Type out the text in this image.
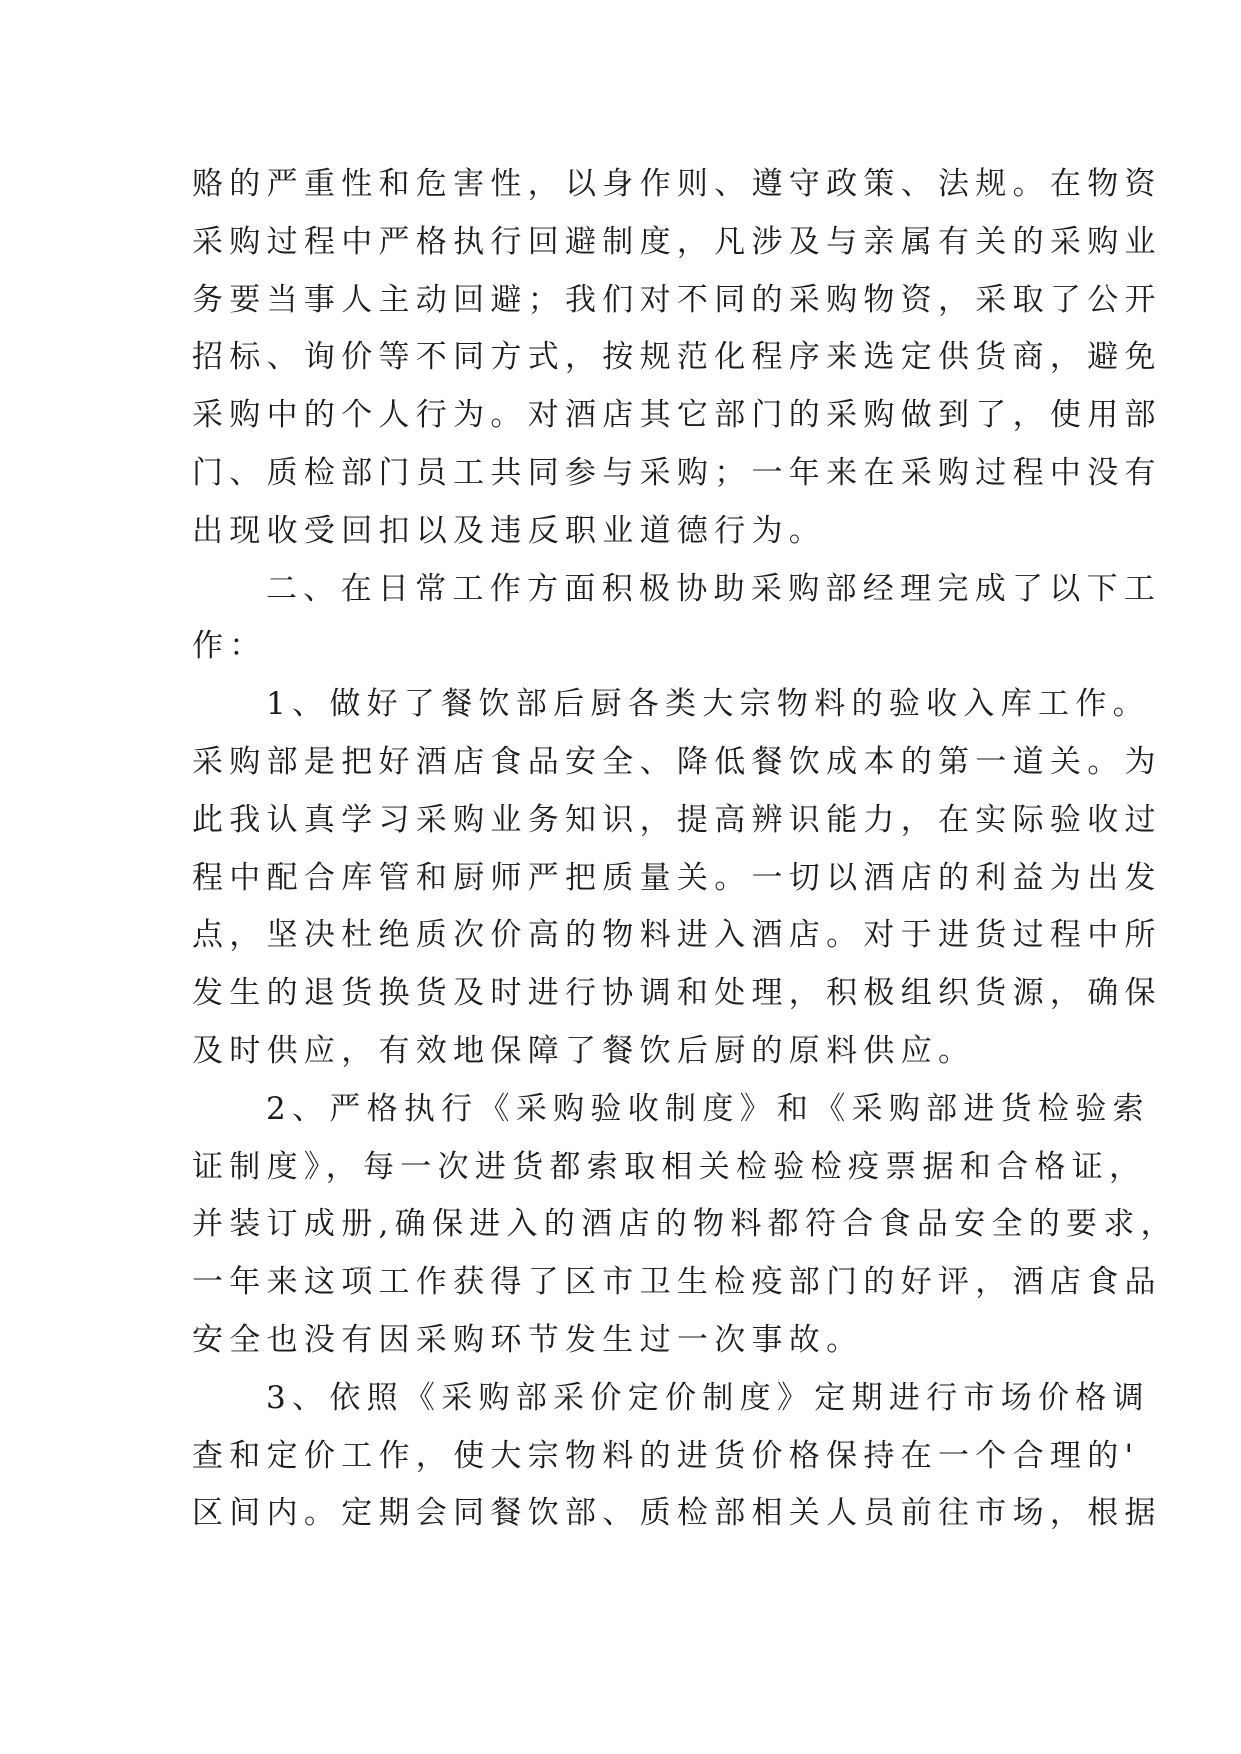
赂的严重性和危害性，以身作则、遵守政策、法规。在物资
采购过程中严格执行回避制度，凡涉及与亲属有关的采购业
务要当事人主动回避；我们对不同的采购物资，采取了公开
招标、询价等不同方式，按规范化程序来选定供货商，避免
采购中的个人行为。对酒店其它部门的采购做到了，使用部
门、质检部门员工共同参与采购；一年来在采购过程中没有
出现收受回扣以及违反职业道德行为。
二、在日常工作方面积极协助采购部经理完成了以下工
作：
1、做好了餐饮部后厨各类大宗物料的验收入库工作。
采购部是把好酒店食品安全、降低餐饮成本的第一道关。为
此我认真学习采购业务知识，提高辨识能力，在实际验收过
程中配合库管和厨师严把质量关。一切以酒店的利益为出发
点，坚决杜绝质次价高的物料进入酒店。对于进货过程中所
发生的退货换货及时进行协调和处理，积极组织货源，确保
及时供应，有效地保障了餐饮后厨的原料供应。
2、严格执行《采购验收制度》和《采购部进货检验索
证制度》，每一次进货都索取相关检验检疫票据和合格证，
并装订成册,确保进入的酒店的物料都符合食品安全的要求，
一年来这项工作获得了区市卫生检疫部门的好评，酒店食品
安全也没有因采购环节发生过一次事故。
3、依照《采购部采价定价制度》定期进行市场价格调
查和定价工作，使大宗物料的进货价格保持在一个合理的'
区间内。定期会同餐饮部、质检部相关人员前往市场，根据
